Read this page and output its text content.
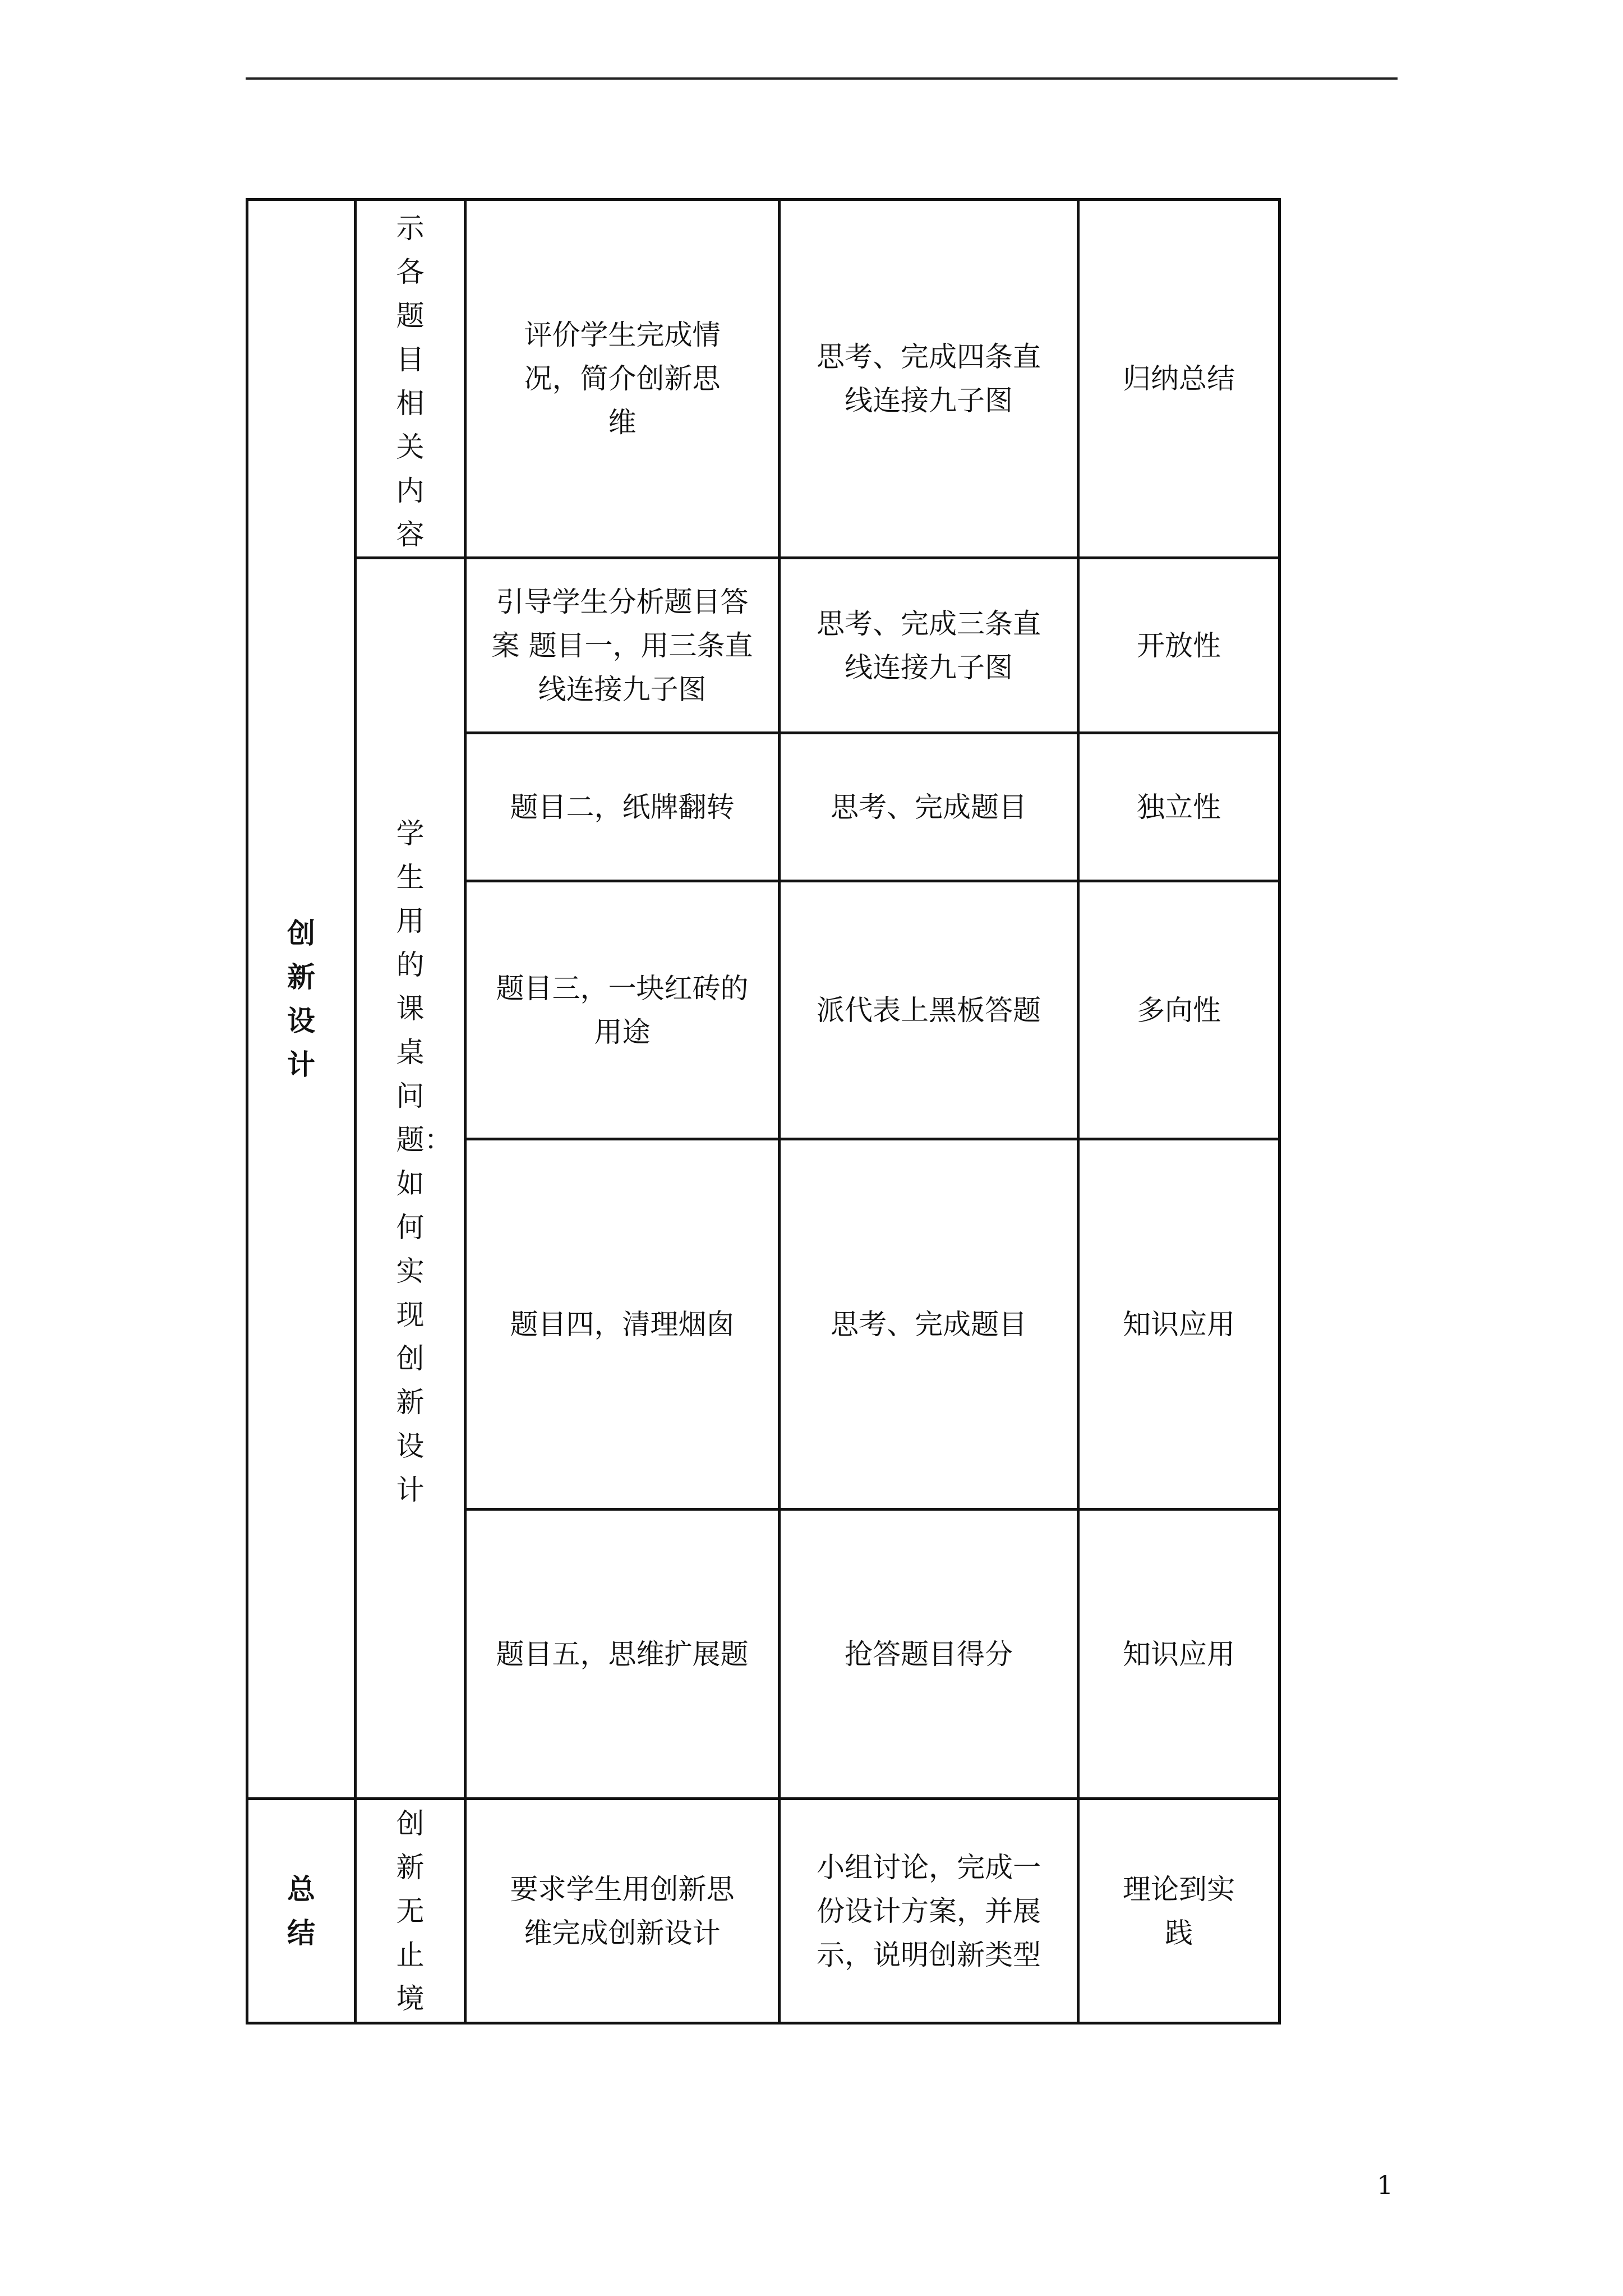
创新设计	示各题目相关内容	评价学生完成情况，简介创新思维	思考、完成四条直线连接九子图	归纳总结

	学生用的课桌问题：如何实现创新设计	引导学生分析题目答案 题目一，用三条直线连接九子图	思考、完成三条直线连接九子图	开放性

		题目二，纸牌翻转	思考、完成题目	独立性

		题目三，一块红砖的用途	派代表上黑板答题	多向性

		题目四，清理烟囱	思考、完成题目	知识应用

		题目五，思维扩展题	抢答题目得分	知识应用

总结	创新无止境	要求学生用创新思维完成创新设计	小组讨论，完成一份设计方案，并展示，说明创新类型	理论到实践
1
